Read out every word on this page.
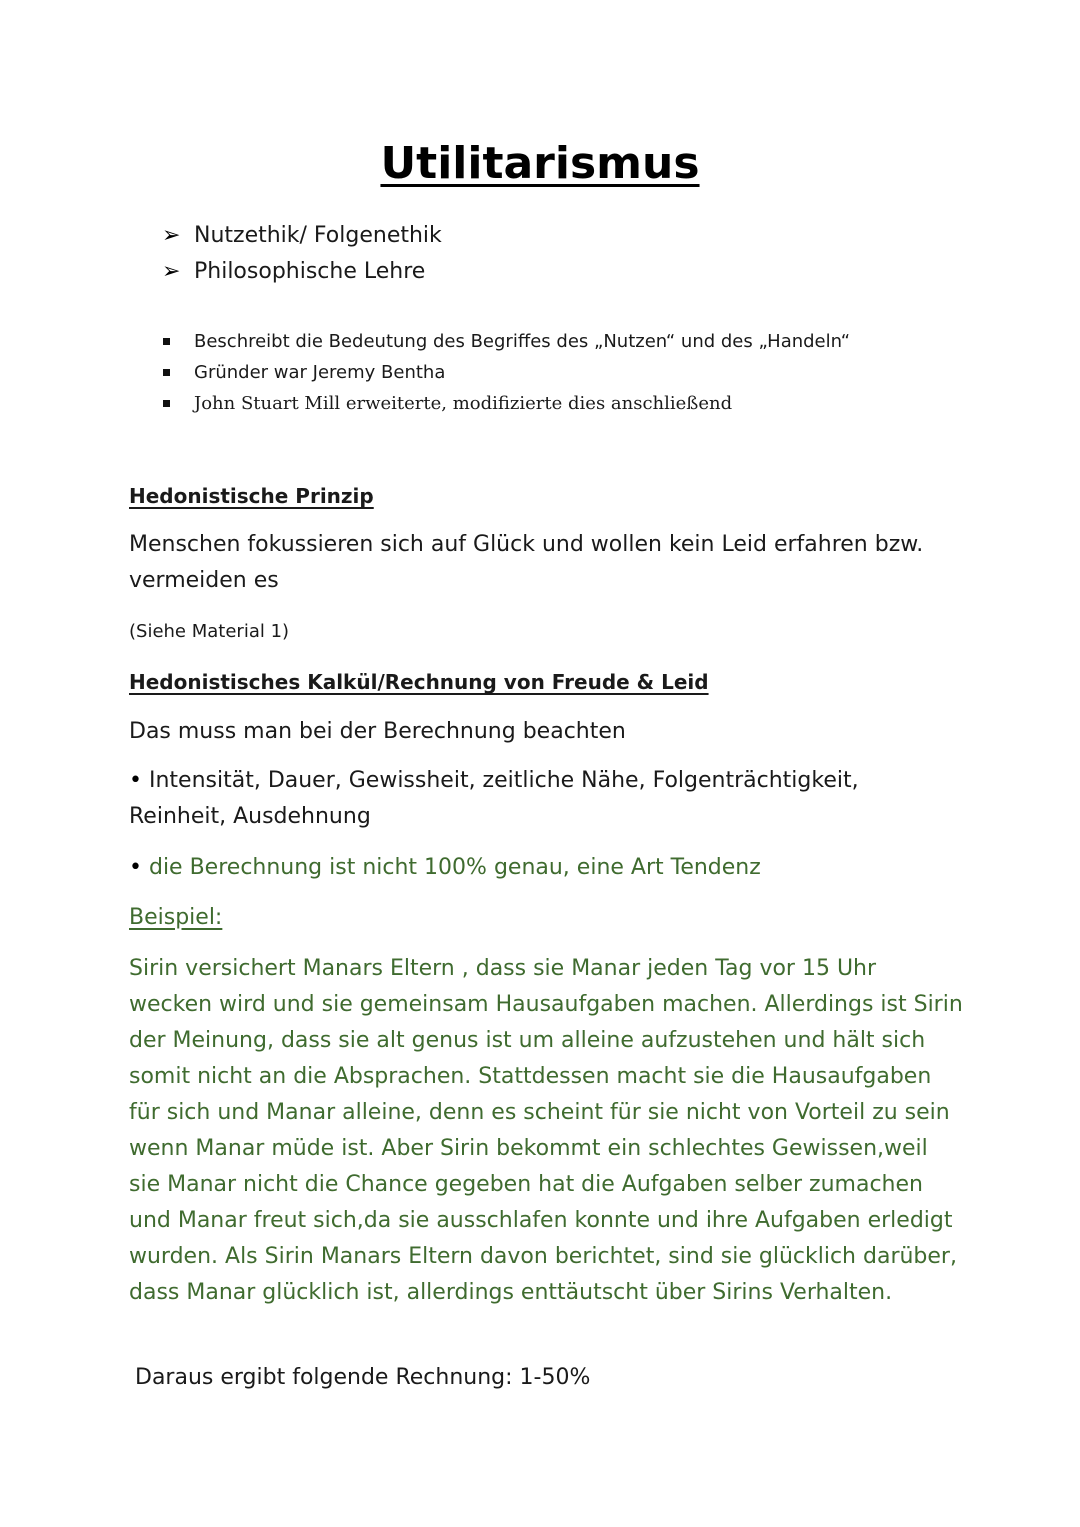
Utilitarismus
➢ Nutzethik/ Folgenethik
➢ Philosophische Lehre
Beschreibt die Bedeutung des Begriffes des „Nutzen“ und des „Handeln“
Gründer war Jeremy Bentha
John Stuart Mill erweiterte, modifizierte dies anschließend
Hedonistische Prinzip

Menschen fokussieren sich auf Glück und wollen kein Leid erfahren bzw. vermeiden es

(Siehe Material 1)
Hedonistisches Kalkül/Rechnung von Freude & Leid
Das muss man bei der Berechnung beachten

• Intensität, Dauer, Gewissheit, zeitliche Nähe, Folgenträchtigkeit, Reinheit, Ausdehnung

• die Berechnung ist nicht 100% genau, eine Art Tendenz
Beispiel:

Sirin versichert Manars Eltern , dass sie Manar jeden Tag vor 15 Uhr wecken wird und sie gemeinsam Hausaufgaben machen. Allerdings ist Sirin der Meinung, dass sie alt genus ist um alleine aufzustehen und hält sich somit nicht an die Absprachen. Stattdessen macht sie die Hausaufgaben für sich und Manar alleine, denn es scheint für sie nicht von Vorteil zu sein wenn Manar müde ist. Aber Sirin bekommt ein schlechtes Gewissen,weil sie Manar nicht die Chance gegeben hat die Aufgaben selber zumachen und Manar freut sich,da sie ausschlafen konnte und ihre Aufgaben erledigt wurden. Als Sirin Manars Eltern davon berichtet, sind sie glücklich darüber, dass Manar glücklich ist, allerdings enttäutscht über Sirins Verhalten.

Daraus ergibt folgende Rechnung: 1-50%
